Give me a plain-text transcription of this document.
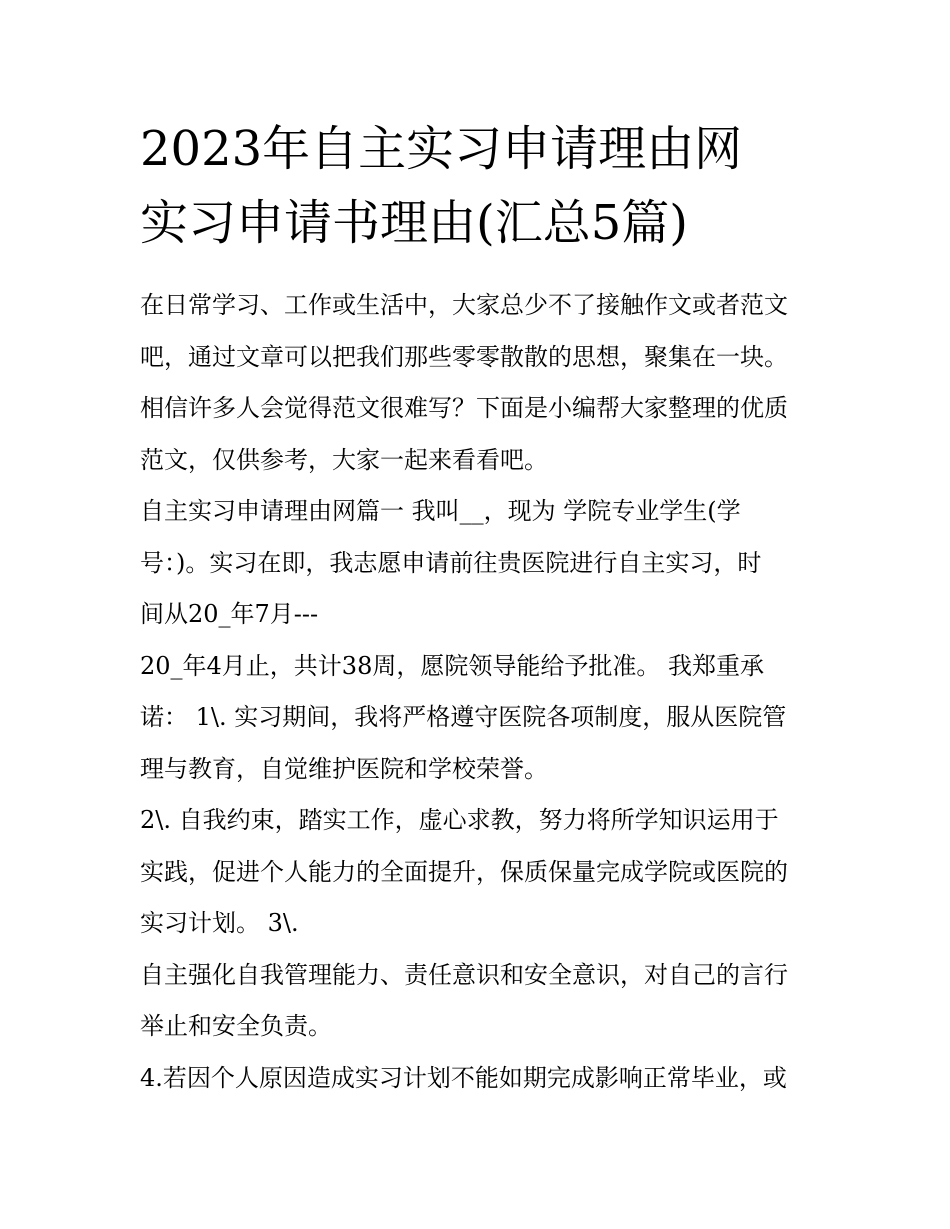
2023年自主实习申请理由网
实习申请书理由(汇总5篇)
在日常学习、工作或生活中，大家总少不了接触作文或者范文
吧，通过文章可以把我们那些零零散散的思想，聚集在一块。
相信许多人会觉得范文很难写？下面是小编帮大家整理的优质
范文，仅供参考，大家一起来看看吧。
自主实习申请理由网篇一 我叫__，现为 学院专业学生(学
号：)。实习在即，我志愿申请前往贵医院进行自主实习，时
间从20_年7月---
20_年4月止，共计38周，愿院领导能给予批准。 我郑重承
诺： 1\. 实习期间，我将严格遵守医院各项制度，服从医院管
理与教育，自觉维护医院和学校荣誉。
2\. 自我约束，踏实工作，虚心求教，努力将所学知识运用于
实践，促进个人能力的全面提升，保质保量完成学院或医院的
实习计划。 3\.
自主强化自我管理能力、责任意识和安全意识，对自己的言行
举止和安全负责。
4.若因个人原因造成实习计划不能如期完成影响正常毕业，或
